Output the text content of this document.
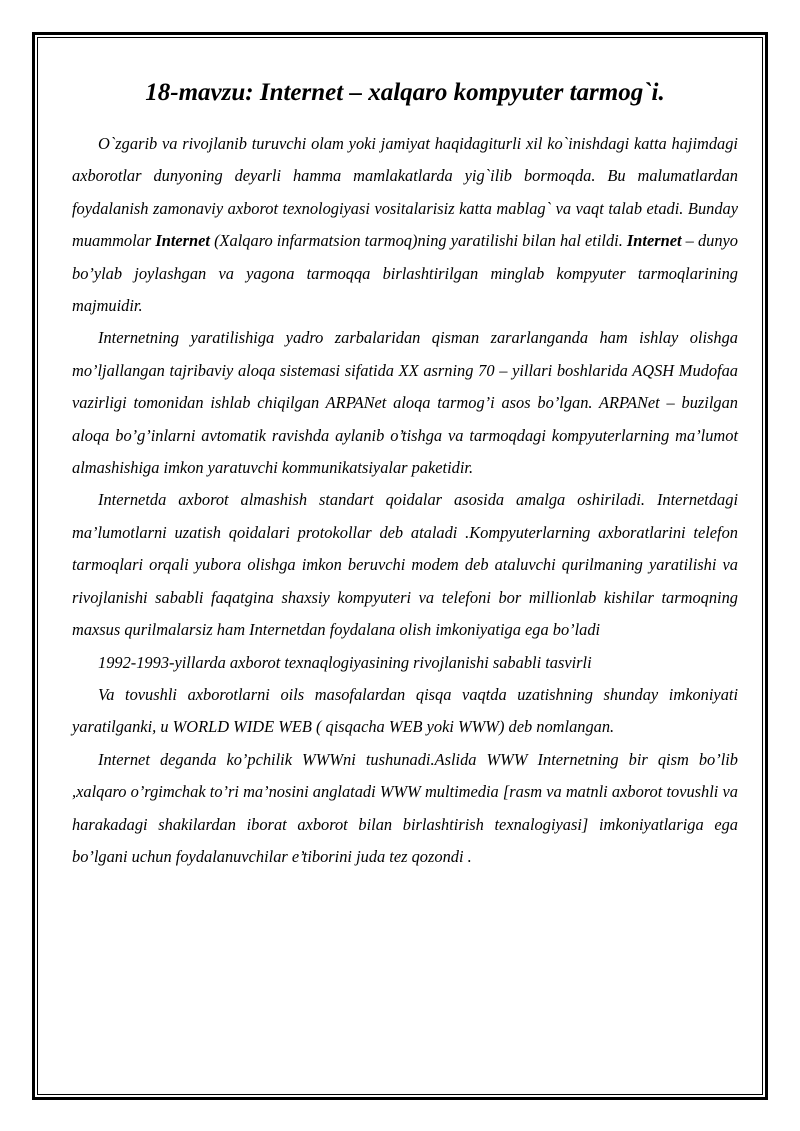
18-mavzu: Internet – xalqaro kompyuter tarmog`i.

O`zgarib va rivojlanib turuvchi olam yoki jamiyat haqidagiturli xil ko`inishdagi katta hajimdagi axborotlar dunyoning deyarli hamma mamlakatlarda yig`ilib bormoqda. Bu malumatlardan foydalanish zamonaviy axborot texnologiyasi vositalarisiz katta mablag` va vaqt talab etadi. Bunday muammolar Internet (Xalqaro infarmatsion tarmoq)ning yaratilishi bilan hal etildi. Internet – dunyo bo’ylab joylashgan va yagona tarmoqqa birlashtirilgan minglab kompyuter tarmoqlarining majmuidir.

Internetning yaratilishiga yadro zarbalaridan qisman zararlanganda ham ishlay olishga mo’ljallangan tajribaviy aloqa sistemasi sifatida XX asrning 70 – yillari boshlarida AQSH Mudofaa vazirligi tomonidan ishlab chiqilgan ARPANet aloqa tarmog’i asos bo’lgan. ARPANet – buzilgan aloqa bo’g’inlarni avtomatik ravishda aylanib o’tishga va tarmoqdagi kompyuterlarning ma’lumot almashishiga imkon yaratuvchi kommunikatsiyalar paketidir.

Internetda axborot almashish standart qoidalar asosida amalga oshiriladi. Internetdagi ma’lumotlarni uzatish qoidalari protokollar deb ataladi .Kompyuterlarning axboratlarini telefon tarmoqlari orqali yubora olishga imkon beruvchi modem deb ataluvchi qurilmaning yaratilishi va rivojlanishi sababli faqatgina shaxsiy kompyuteri va telefoni bor millionlab kishilar tarmoqning maxsus qurilmalarsiz ham Internetdan foydalana olish imkoniyatiga ega bo’ladi

1992-1993-yillarda axborot texnaqlogiyasining rivojlanishi sababli tasvirli

Va tovushli axborotlarni oils masofalardan qisqa vaqtda uzatishning shunday imkoniyati yaratilganki, u WORLD WIDE WEB ( qisqacha WEB yoki WWW) deb nomlangan.

Internet deganda ko’pchilik WWWni tushunadi.Aslida WWW Internetning bir qism bo’lib ,xalqaro o’rgimchak to’ri ma’nosini anglatadi WWW multimedia [rasm va matnli axborot tovushli va harakadagi shakilardan iborat axborot bilan birlashtirish texnalogiyasi] imkoniyatlariga ega bo’lgani uchun foydalanuvchilar e’tiborini juda tez qozondi .
